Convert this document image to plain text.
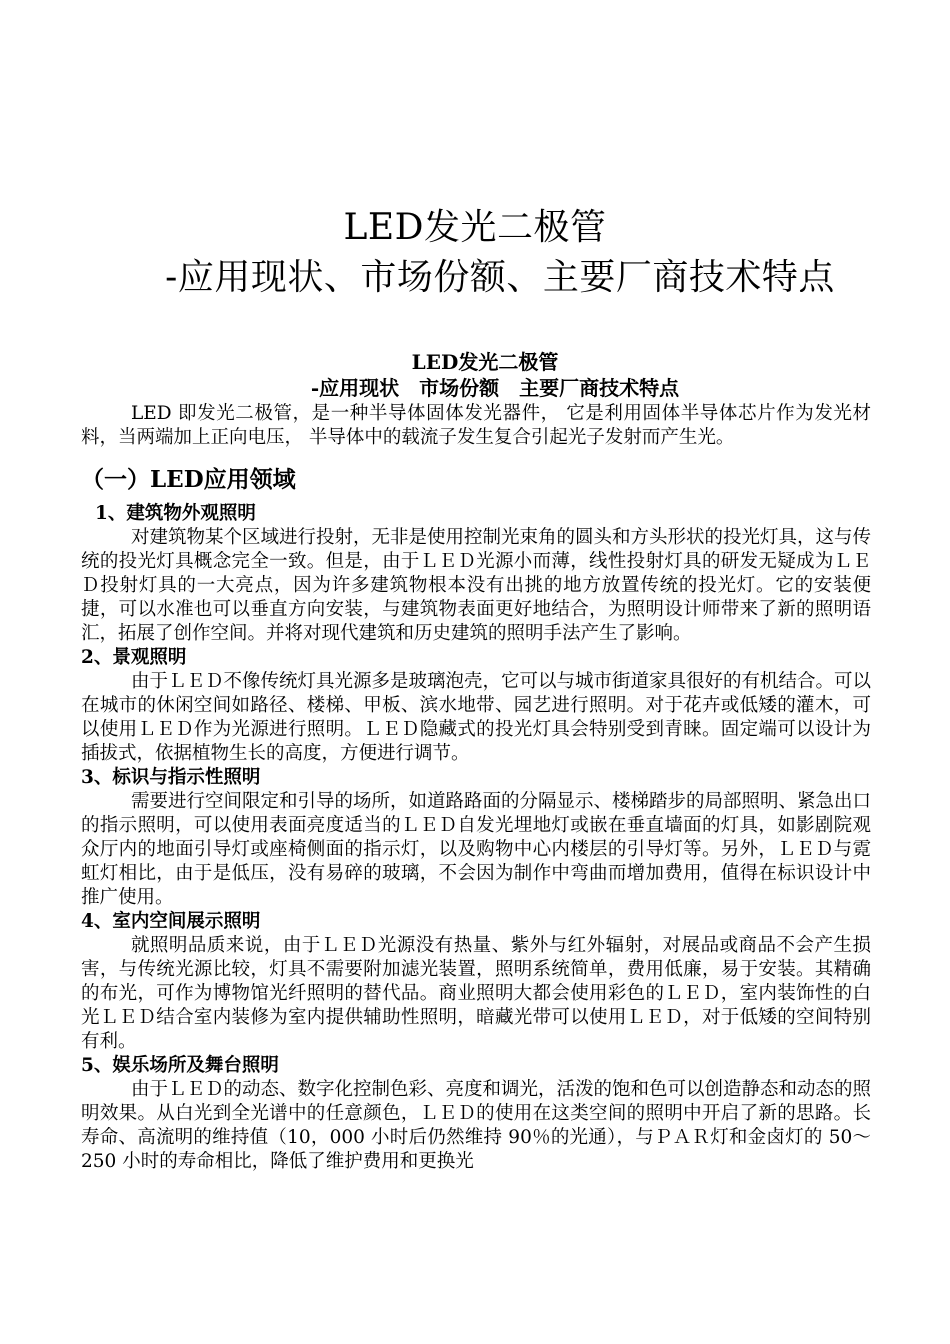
LED发光二极管
-应用现状、市场份额、主要厂商技术特点
LED发光二极管
-应用现状　市场份额　主要厂商技术特点

LED 即发光二极管，是一种半导体固体发光器件， 它是利用固体半导体芯片作为发光材料，当两端加上正向电压， 半导体中的载流子发生复合引起光子发射而产生光。

（一）LED应用领域
1、建筑物外观照明

对建筑物某个区域进行投射，无非是使用控制光束角的圆头和方头形状的投光灯具，这与传统的投光灯具概念完全一致。但是，由于ＬＥＤ光源小而薄，线性投射灯具的研发无疑成为ＬＥＤ投射灯具的一大亮点，因为许多建筑物根本没有出挑的地方放置传统的投光灯。它的安装便捷，可以水准也可以垂直方向安装，与建筑物表面更好地结合，为照明设计师带来了新的照明语汇，拓展了创作空间。并将对现代建筑和历史建筑的照明手法产生了影响。

2、景观照明

由于ＬＥＤ不像传统灯具光源多是玻璃泡壳，它可以与城市街道家具很好的有机结合。可以在城市的休闲空间如路径、楼梯、甲板、滨水地带、园艺进行照明。对于花卉或低矮的灌木，可以使用ＬＥＤ作为光源进行照明。ＬＥＤ隐藏式的投光灯具会特别受到青睐。固定端可以设计为插拔式，依据植物生长的高度，方便进行调节。

3、标识与指示性照明

需要进行空间限定和引导的场所，如道路路面的分隔显示、楼梯踏步的局部照明、紧急出口的指示照明，可以使用表面亮度适当的ＬＥＤ自发光埋地灯或嵌在垂直墙面的灯具，如影剧院观众厅内的地面引导灯或座椅侧面的指示灯，以及购物中心内楼层的引导灯等。另外，ＬＥＤ与霓虹灯相比，由于是低压，没有易碎的玻璃，不会因为制作中弯曲而增加费用，值得在标识设计中推广使用。

4、室内空间展示照明

就照明品质来说，由于ＬＥＤ光源没有热量、紫外与红外辐射，对展品或商品不会产生损害，与传统光源比较，灯具不需要附加滤光装置，照明系统简单，费用低廉，易于安装。其精确的布光，可作为博物馆光纤照明的替代品。商业照明大都会使用彩色的ＬＥＤ，室内装饰性的白光ＬＥＤ结合室内装修为室内提供辅助性照明，暗藏光带可以使用ＬＥＤ，对于低矮的空间特别有利。

5、娱乐场所及舞台照明

由于ＬＥＤ的动态、数字化控制色彩、亮度和调光，活泼的饱和色可以创造静态和动态的照明效果。从白光到全光谱中的任意颜色，ＬＥＤ的使用在这类空间的照明中开启了新的思路。长寿命、高流明的维持值（10，000 小时后仍然维持 90％的光通），与ＰＡＲ灯和金卤灯的 50～250 小时的寿命相比，降低了维护费用和更换光
